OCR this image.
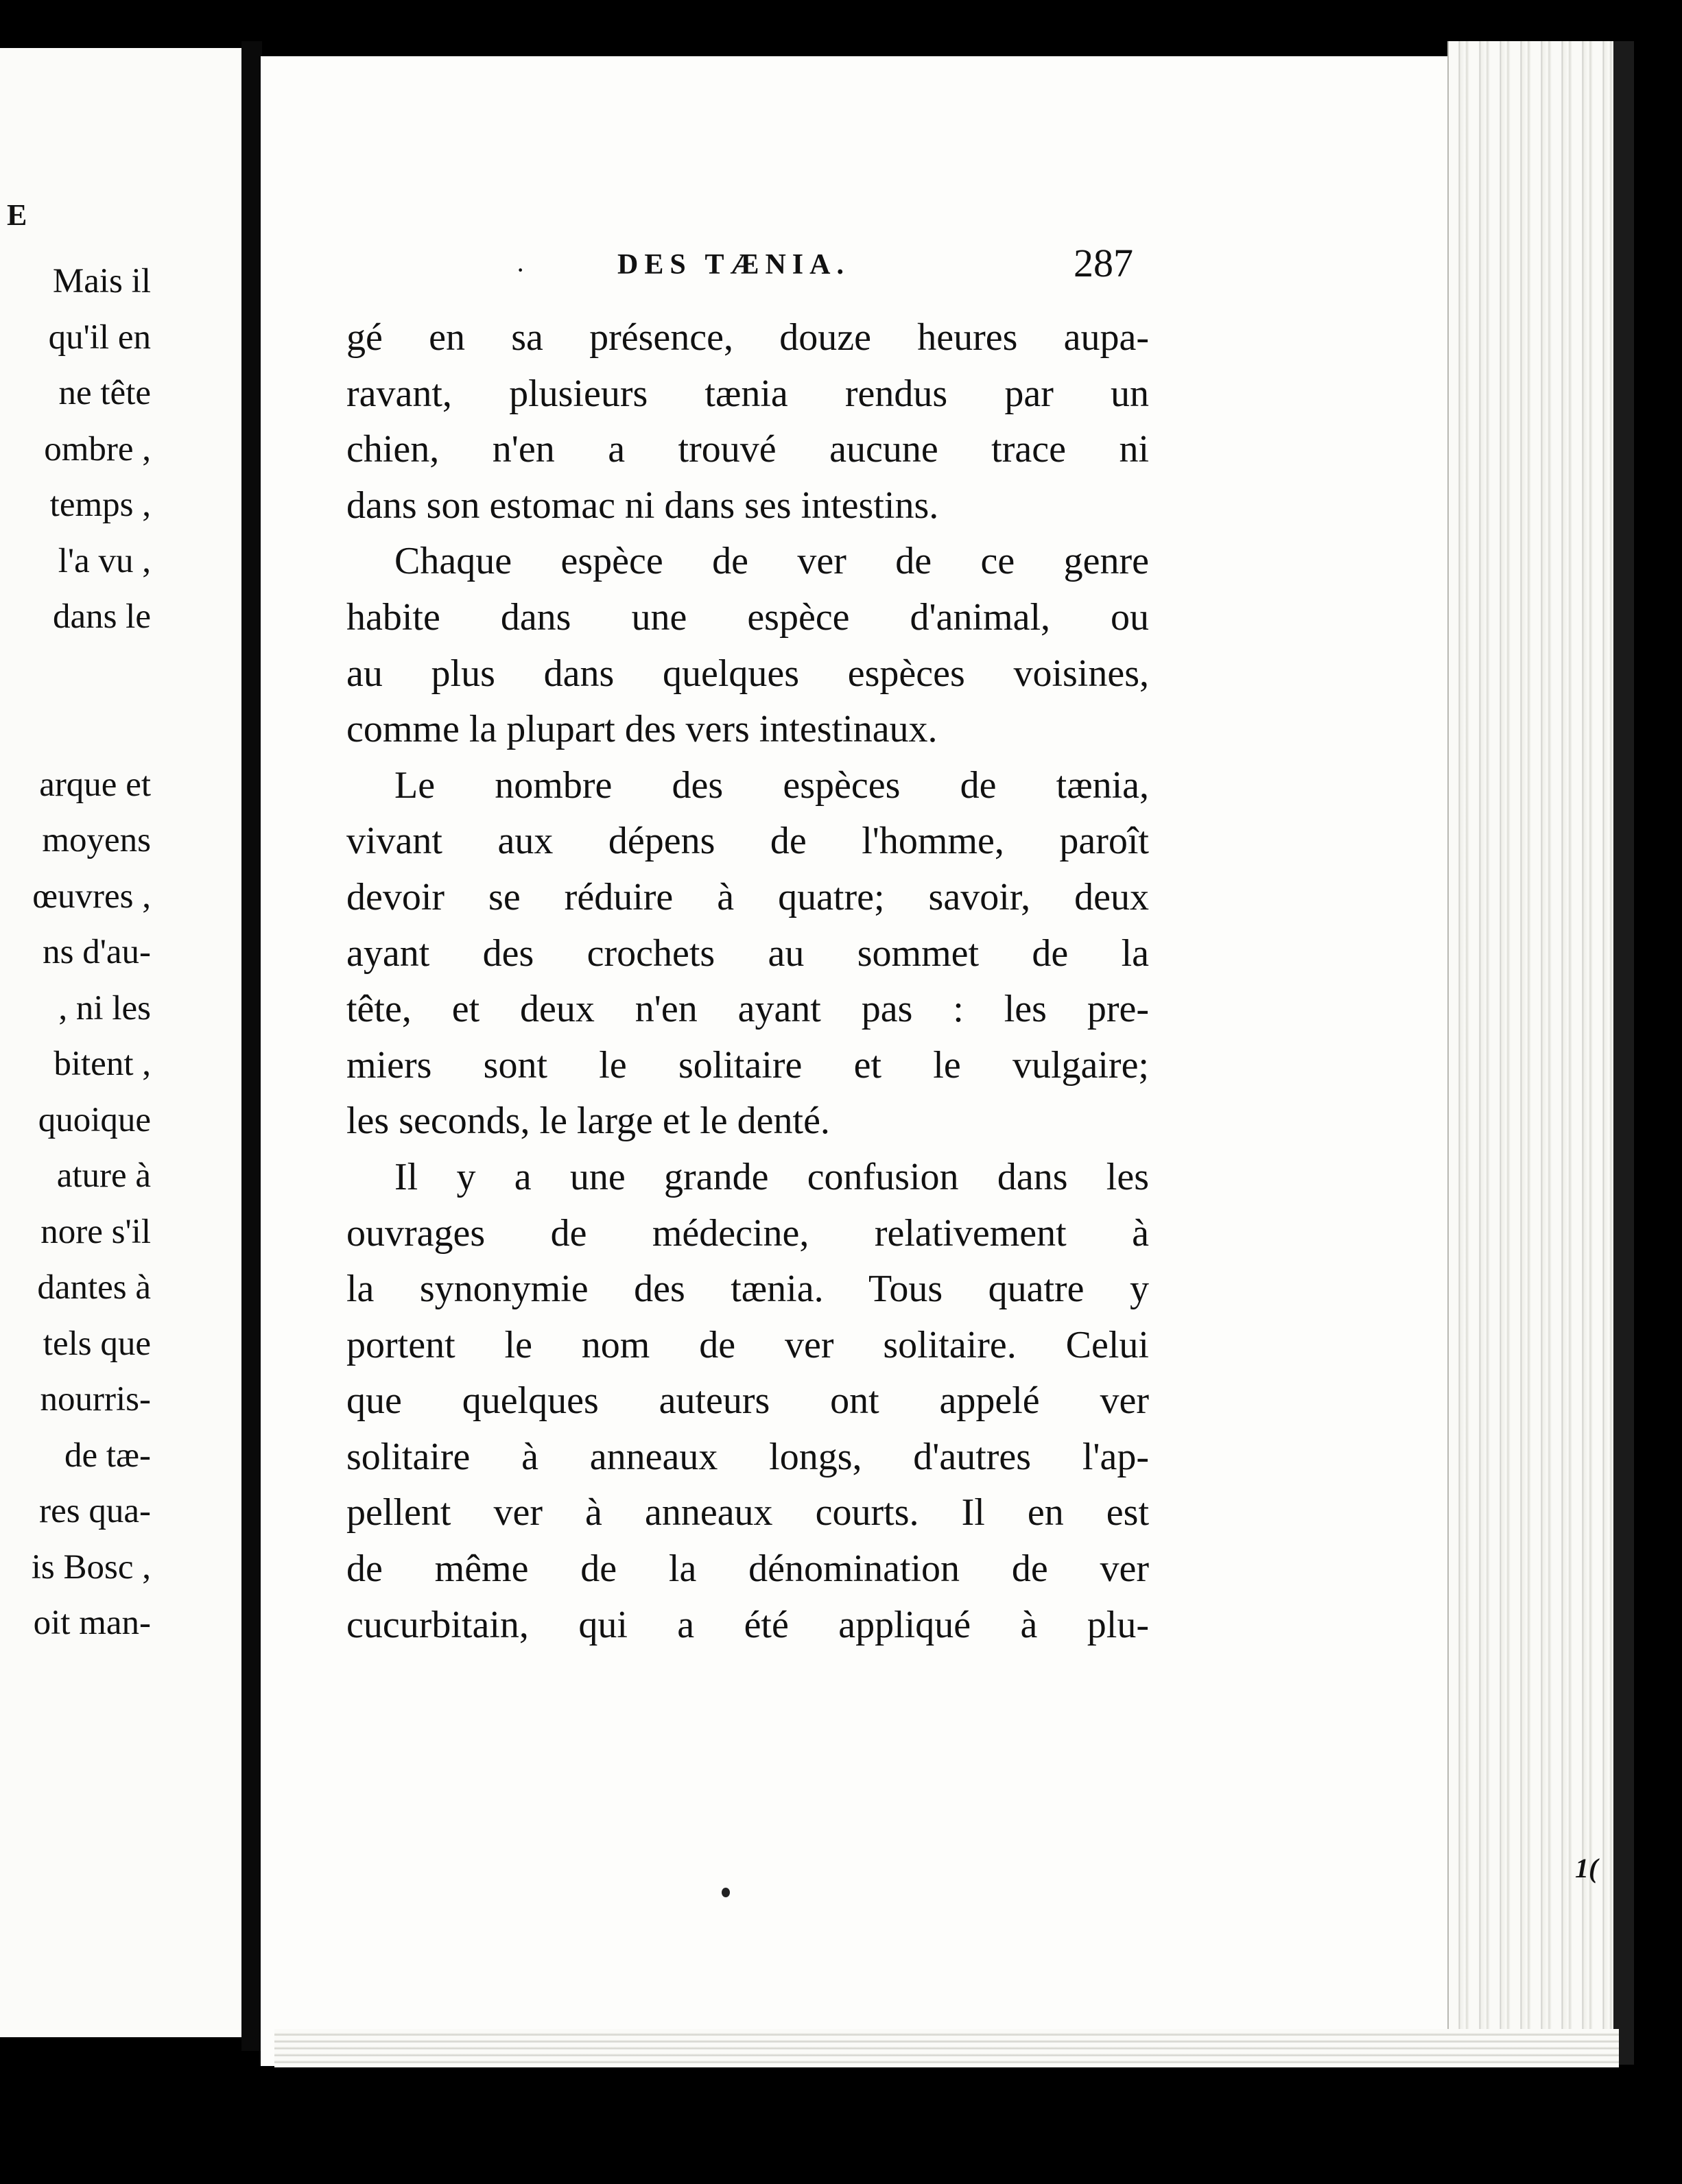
E
Mais il
qu'il en
ne tête
ombre ,
temps ,
l'a vu ,
dans le
arque et
moyens
œuvres ,
ns d'au-
, ni les
bitent ,
quoique
ature à
nore s'il
dantes à
tels que
nourris-
de tæ-
res qua-
is Bosc ,
oit man-
·	DES TÆNIA.	287
gé en sa présence, douze heures aupa-
ravant, plusieurs tænia rendus par un
chien, n'en a trouvé aucune trace ni
dans son estomac ni dans ses intestins.
Chaque espèce de ver de ce genre
habite dans une espèce d'animal, ou
au plus dans quelques espèces voisines,
comme la plupart des vers intestinaux.
Le nombre des espèces de tænia,
vivant aux dépens de l'homme, paroît
devoir se réduire à quatre; savoir, deux
ayant des crochets au sommet de la
tête, et deux n'en ayant pas : les pre-
miers sont le solitaire et le vulgaire;
les seconds, le large et le denté.
Il y a une grande confusion dans les
ouvrages de médecine, relativement à
la synonymie des tænia. Tous quatre y
portent le nom de ver solitaire. Celui
que quelques auteurs ont appelé ver
solitaire à anneaux longs, d'autres l'ap-
pellent ver à anneaux courts. Il en est
de même de la dénomination de ver
cucurbitain, qui a été appliqué à plu-
1(
